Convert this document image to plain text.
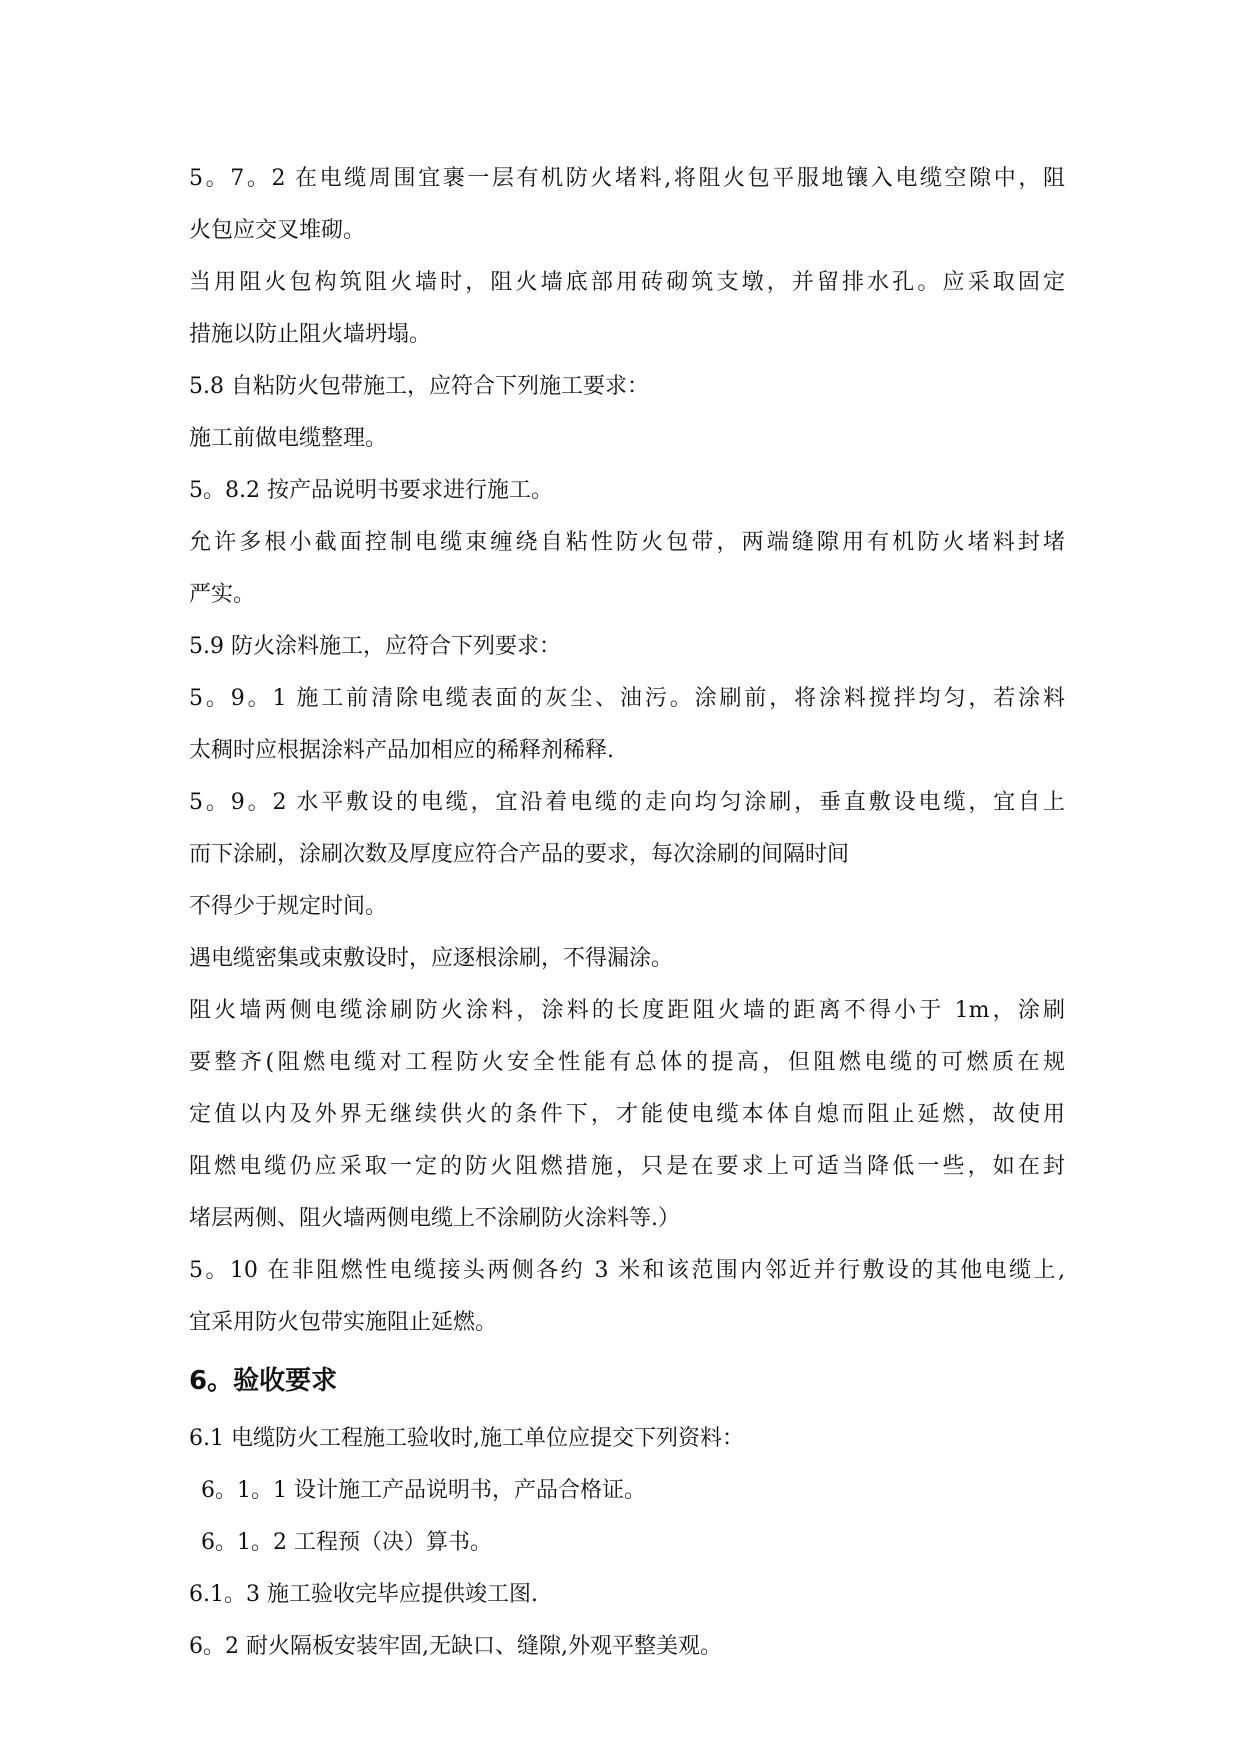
5。7。2 在电缆周围宜裹一层有机防火堵料,将阻火包平服地镶入电缆空隙中，阻
火包应交叉堆砌。
当用阻火包构筑阻火墙时，阻火墙底部用砖砌筑支墩，并留排水孔。应采取固定
措施以防止阻火墙坍塌。
5.8 自粘防火包带施工，应符合下列施工要求：
施工前做电缆整理。
5。8.2 按产品说明书要求进行施工。
允许多根小截面控制电缆束缠绕自粘性防火包带，两端缝隙用有机防火堵料封堵
严实。
5.9 防火涂料施工，应符合下列要求：
5。9。1 施工前清除电缆表面的灰尘、油污。涂刷前，将涂料搅拌均匀，若涂料
太稠时应根据涂料产品加相应的稀释剂稀释.
5。9。2 水平敷设的电缆，宜沿着电缆的走向均匀涂刷，垂直敷设电缆，宜自上
而下涂刷，涂刷次数及厚度应符合产品的要求，每次涂刷的间隔时间
不得少于规定时间。
遇电缆密集或束敷设时，应逐根涂刷，不得漏涂。
阻火墙两侧电缆涂刷防火涂料，涂料的长度距阻火墙的距离不得小于 1m，涂刷
要整齐(阻燃电缆对工程防火安全性能有总体的提高，但阻燃电缆的可燃质在规
定值以内及外界无继续供火的条件下，才能使电缆本体自熄而阻止延燃，故使用
阻燃电缆仍应采取一定的防火阻燃措施，只是在要求上可适当降低一些，如在封
堵层两侧、阻火墙两侧电缆上不涂刷防火涂料等.）
5。10 在非阻燃性电缆接头两侧各约 3 米和该范围内邻近并行敷设的其他电缆上,
宜采用防火包带实施阻止延燃。
6。验收要求
6.1 电缆防火工程施工验收时,施工单位应提交下列资料：
6。1。1 设计施工产品说明书，产品合格证。
6。1。2 工程预（决）算书。
6.1。3 施工验收完毕应提供竣工图.
6。2 耐火隔板安装牢固,无缺口、缝隙,外观平整美观。
